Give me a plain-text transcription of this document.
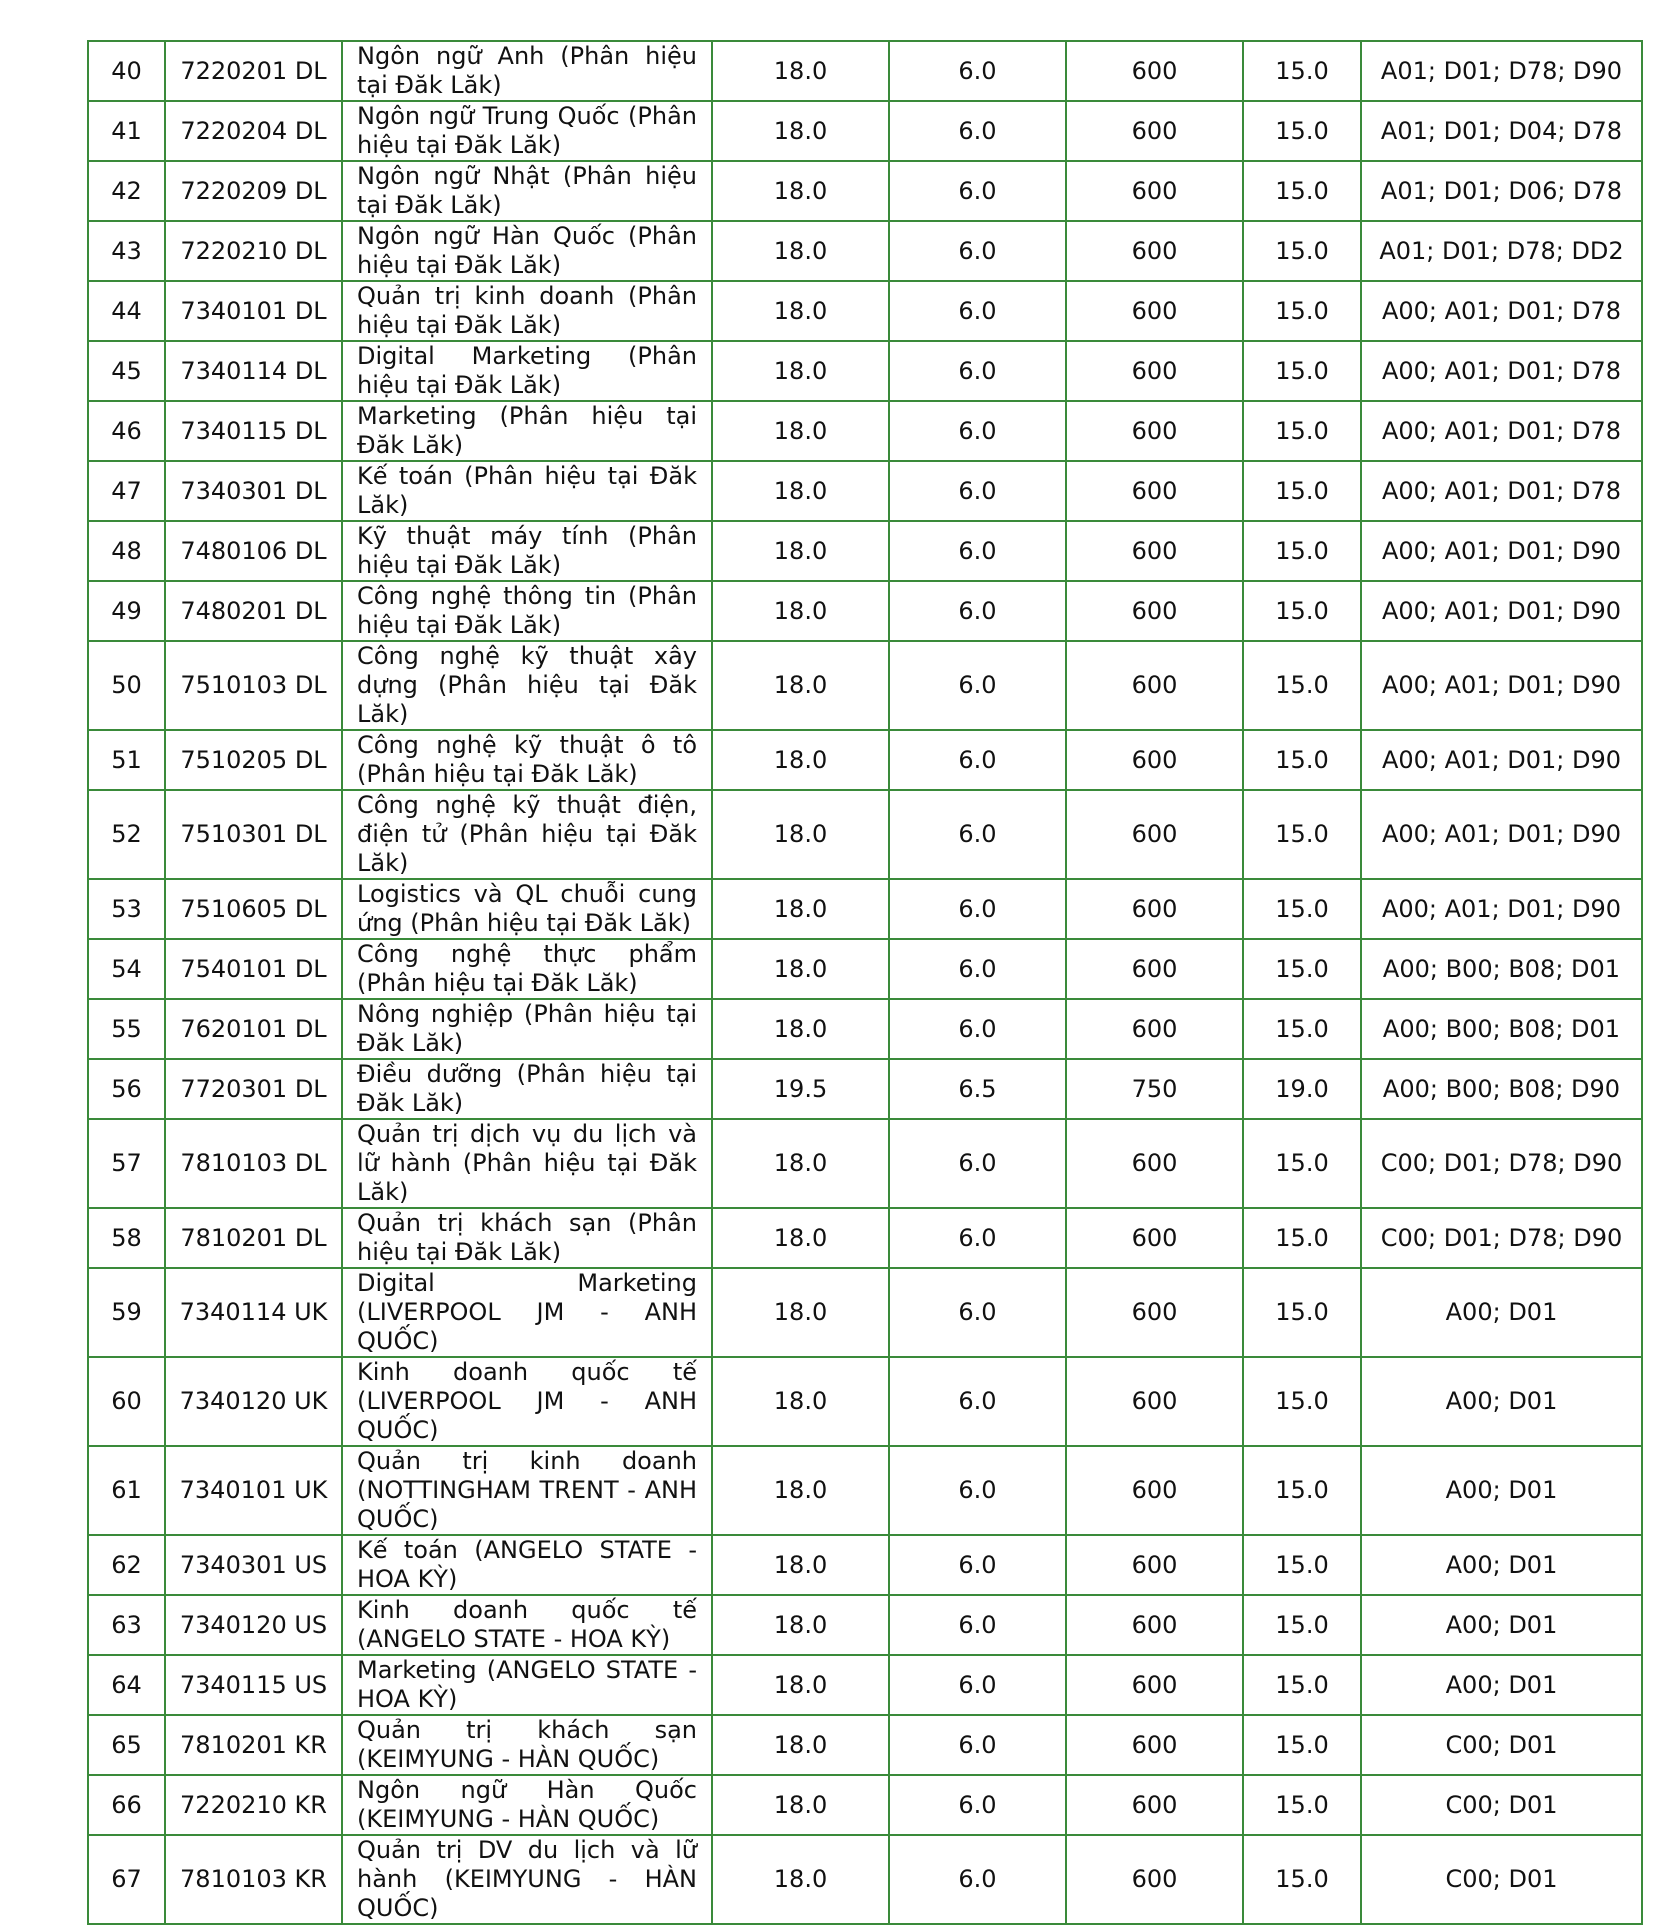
40	7220201 DL	Ngôn ngữ Anh (Phân hiệu tại Đăk Lăk)	18.0	6.0	600	15.0	A01; D01; D78; D90
41	7220204 DL	Ngôn ngữ Trung Quốc (Phân hiệu tại Đăk Lăk)	18.0	6.0	600	15.0	A01; D01; D04; D78
42	7220209 DL	Ngôn ngữ Nhật (Phân hiệu tại Đăk Lăk)	18.0	6.0	600	15.0	A01; D01; D06; D78
43	7220210 DL	Ngôn ngữ Hàn Quốc (Phân hiệu tại Đăk Lăk)	18.0	6.0	600	15.0	A01; D01; D78; DD2
44	7340101 DL	Quản trị kinh doanh (Phân hiệu tại Đăk Lăk)	18.0	6.0	600	15.0	A00; A01; D01; D78
45	7340114 DL	Digital Marketing (Phân hiệu tại Đăk Lăk)	18.0	6.0	600	15.0	A00; A01; D01; D78
46	7340115 DL	Marketing (Phân hiệu tại Đăk Lăk)	18.0	6.0	600	15.0	A00; A01; D01; D78
47	7340301 DL	Kế toán (Phân hiệu tại Đăk Lăk)	18.0	6.0	600	15.0	A00; A01; D01; D78
48	7480106 DL	Kỹ thuật máy tính (Phân hiệu tại Đăk Lăk)	18.0	6.0	600	15.0	A00; A01; D01; D90
49	7480201 DL	Công nghệ thông tin (Phân hiệu tại Đăk Lăk)	18.0	6.0	600	15.0	A00; A01; D01; D90
50	7510103 DL	Công nghệ kỹ thuật xây dựng (Phân hiệu tại Đăk Lăk)	18.0	6.0	600	15.0	A00; A01; D01; D90
51	7510205 DL	Công nghệ kỹ thuật ô tô (Phân hiệu tại Đăk Lăk)	18.0	6.0	600	15.0	A00; A01; D01; D90
52	7510301 DL	Công nghệ kỹ thuật điện, điện tử (Phân hiệu tại Đăk Lăk)	18.0	6.0	600	15.0	A00; A01; D01; D90
53	7510605 DL	Logistics và QL chuỗi cung ứng (Phân hiệu tại Đăk Lăk)	18.0	6.0	600	15.0	A00; A01; D01; D90
54	7540101 DL	Công nghệ thực phẩm (Phân hiệu tại Đăk Lăk)	18.0	6.0	600	15.0	A00; B00; B08; D01
55	7620101 DL	Nông nghiệp (Phân hiệu tại Đăk Lăk)	18.0	6.0	600	15.0	A00; B00; B08; D01
56	7720301 DL	Điều dưỡng (Phân hiệu tại Đăk Lăk)	19.5	6.5	750	19.0	A00; B00; B08; D90
57	7810103 DL	Quản trị dịch vụ du lịch và lữ hành (Phân hiệu tại Đăk Lăk)	18.0	6.0	600	15.0	C00; D01; D78; D90
58	7810201 DL	Quản trị khách sạn (Phân hiệu tại Đăk Lăk)	18.0	6.0	600	15.0	C00; D01; D78; D90
59	7340114 UK	Digital Marketing (LIVERPOOL JM - ANH QUỐC)	18.0	6.0	600	15.0	A00; D01
60	7340120 UK	Kinh doanh quốc tế (LIVERPOOL JM - ANH QUỐC)	18.0	6.0	600	15.0	A00; D01
61	7340101 UK	Quản trị kinh doanh (NOTTINGHAM TRENT - ANH QUỐC)	18.0	6.0	600	15.0	A00; D01
62	7340301 US	Kế toán (ANGELO STATE - HOA KỲ)	18.0	6.0	600	15.0	A00; D01
63	7340120 US	Kinh doanh quốc tế (ANGELO STATE - HOA KỲ)	18.0	6.0	600	15.0	A00; D01
64	7340115 US	Marketing (ANGELO STATE - HOA KỲ)	18.0	6.0	600	15.0	A00; D01
65	7810201 KR	Quản trị khách sạn (KEIMYUNG - HÀN QUỐC)	18.0	6.0	600	15.0	C00; D01
66	7220210 KR	Ngôn ngữ Hàn Quốc (KEIMYUNG - HÀN QUỐC)	18.0	6.0	600	15.0	C00; D01
67	7810103 KR	Quản trị DV du lịch và lữ hành (KEIMYUNG - HÀN QUỐC)	18.0	6.0	600	15.0	C00; D01
